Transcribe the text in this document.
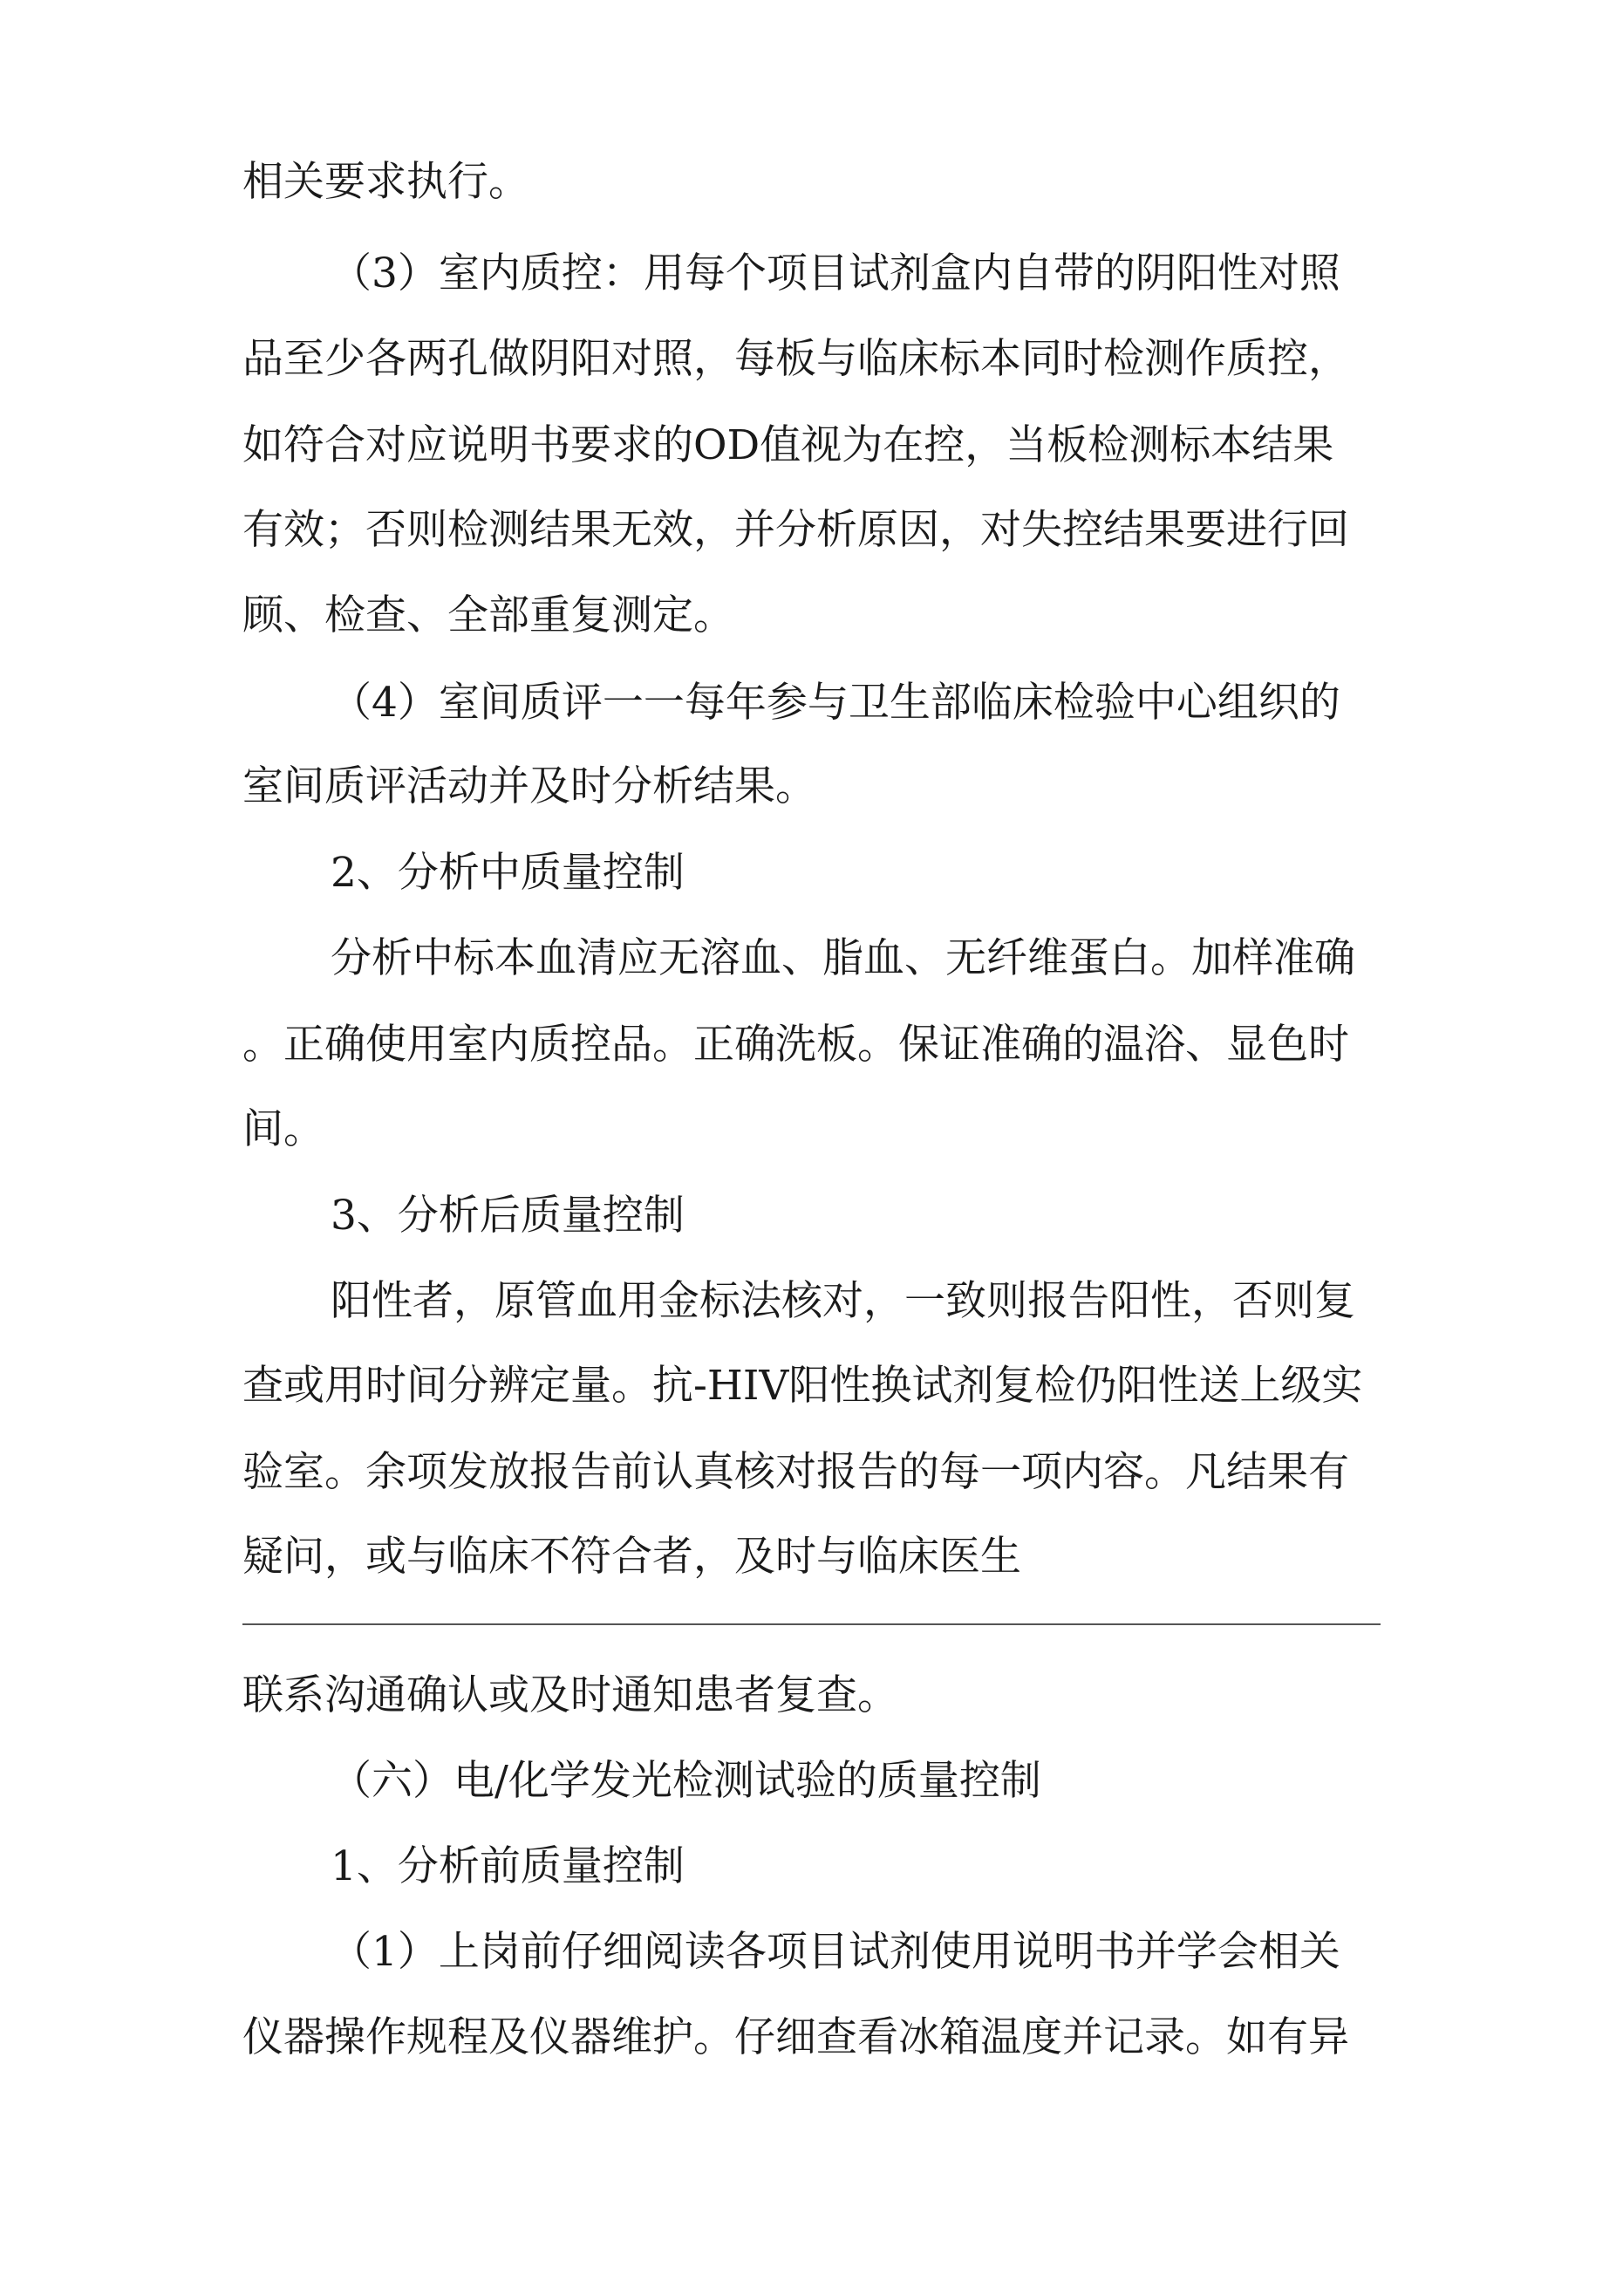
相关要求执行。

（3）室内质控：用每个项目试剂盒内自带的阴阳性对照

品至少各两孔做阴阳对照，每板与临床标本同时检测作质控，

如符合对应说明书要求的OD值视为在控，当板检测标本结果

有效；否则检测结果无效，并分析原因，对失控结果要进行回

顾、检查、全部重复测定。

（4）室间质评一一每年参与卫生部临床检验中心组织的

室间质评活动并及时分析结果。

2、分析中质量控制

分析中标本血清应无溶血、脂血、无纤维蛋白。加样准确

。正确使用室内质控品。正确洗板。保证准确的温浴、显色时

间。

3、分析后质量控制

阳性者，原管血用金标法核对，一致则报告阳性，否则复

查或用时间分辨定量。抗-HIV阳性换试剂复检仍阳性送上级实

验室。余项发放报告前认真核对报告的每一项内容。凡结果有

疑问，或与临床不符合者，及时与临床医生

联系沟通确认或及时通知患者复查。

（六）电/化学发光检测试验的质量控制

1、分析前质量控制

（1）上岗前仔细阅读各项目试剂使用说明书并学会相关

仪器操作规程及仪器维护。仔细查看冰箱温度并记录。如有异
